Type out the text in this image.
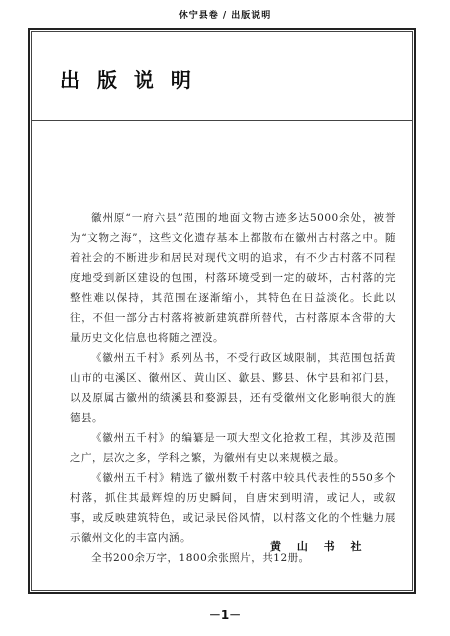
休宁县卷 / 出版说明
出 版 说 明

徽州原“一府六县”范围的地面文物古迹多达5000余处，被誉为“文物之海”，这些文化遗存基本上都散布在徽州古村落之中。随着社会的不断进步和居民对现代文明的追求，有不少古村落不同程度地受到新区建设的包围，村落环境受到一定的破坏，古村落的完整性难以保持，其范围在逐渐缩小，其特色在日益淡化。长此以往，不但一部分古村落将被新建筑群所替代，古村落原本含带的大量历史文化信息也将随之湮没。

《徽州五千村》系列丛书，不受行政区域限制，其范围包括黄山市的屯溪区、徽州区、黄山区、歙县、黟县、休宁县和祁门县，以及原属古徽州的绩溪县和婺源县，还有受徽州文化影响很大的旌德县。

《徽州五千村》的编纂是一项大型文化抢救工程，其涉及范围之广，层次之多，学科之繁，为徽州有史以来规模之最。

《徽州五千村》精选了徽州数千村落中较具代表性的550多个村落，抓住其最辉煌的历史瞬间，自唐宋到明清，或记人，或叙事，或反映建筑特色，或记录民俗风情，以村落文化的个性魅力展示徽州文化的丰富内涵。

全书200余万字，1800余张照片，共12册。

黄 山 书 社
－1－
